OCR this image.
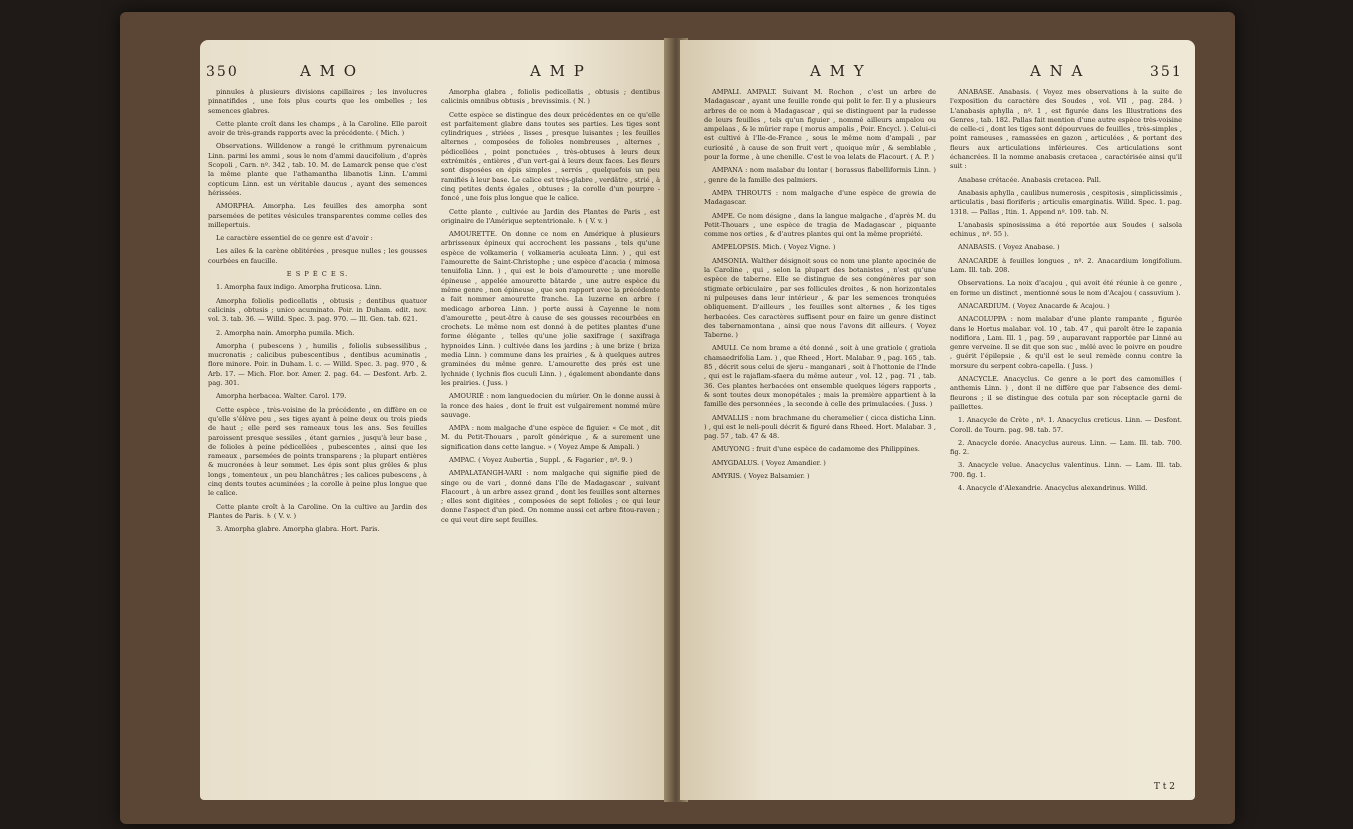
350	A M O	A M P

pinnules à plusieurs divisions capillaires ; les involucres pinnatifides , une fois plus courts que les ombelles ; les semences glabres.

Cette plante croît dans les champs , à la Caroline. Elle paroit avoir de très-grands rapports avec la précédente. ( Mich. )

Observations. Willdenow a rangé le crithmum pyrenaicum Linn. parmi les ammi , sous le nom d'ammi daucifolium , d'après Scopoli , Carn. nº. 342 , tab. 10. M. de Lamarck pense que c'est la même plante que l'athamantha libanotis Linn. L'ammi copticum Linn. est un véritable daucus , ayant des semences hérissées.

AMORPHA. Amorpha. Les feuilles des amorpha sont parsemées de petites vésicules transparentes comme celles des millepertuis.

Le caractère essentiel de ce genre est d'avoir :

Les ailes & la carène oblitérées , presque nulles ; les gousses courbées en faucille.

E S P È C E S.

1. Amorpha faux indigo. Amorpha fruticosa. Linn.

Amorpha foliolis pedicellatis , obtusis ; dentibus quatuor calicinis , obtusis ; unico acuminato. Poir. in Duham. edit. nov. vol. 3. tab. 36. — Willd. Spec. 3. pag. 970. — Ill. Gen. tab. 621.

2. Amorpha nain. Amorpha pumila. Mich.

Amorpha ( pubescens ) , humilis , foliolis subsessilibus , mucronatis ; calicibus pubescentibus , dentibus acuminatis , flore minore. Poir. in Duham. l. c. — Willd. Spec. 3. pag. 970 , & Arb. 17. — Mich. Flor. bor. Amer. 2. pag. 64. — Desfont. Arb. 2. pag. 301.

Amorpha herbacea. Walter. Carol. 179.

Cette espèce , très-voisine de la précédente , en diffère en ce qu'elle s'élève peu , ses tiges ayant à peine deux ou trois pieds de haut ; elle perd ses rameaux tous les ans. Ses feuilles paroissent presque sessiles , étant garnies , jusqu'à leur base , de folioles à peine pédicellées , pubescentes , ainsi que les rameaux , parsemées de points transparens ; la plupart entières & mucronées à leur sommet. Les épis sont plus grêles & plus longs , tomenteux , un peu blanchâtres ; les calices pubescens , à cinq dents toutes acuminées ; la corolle à peine plus longue que le calice.

Cette plante croît à la Caroline. On la cultive au Jardin des Plantes de Paris. ♄ ( V. v. )

3. Amorpha glabre. Amorpha glabra. Hort. Paris.

Amorpha glabra , foliolis pedicellatis , obtusis ; dentibus calicinis omnibus obtusis , brevissimis. ( N. )

Cette espèce se distingue des deux précédentes en ce qu'elle est parfaitement glabre dans toutes ses parties. Les tiges sont cylindriques , striées , lisses , presque luisantes ; les feuilles alternes , composées de folioles nombreuses , alternes , pédicellées , point ponctuées , très-obtuses à leurs deux extrémités , entières , d'un vert-gai à leurs deux faces. Les fleurs sont disposées en épis simples , serrés , quelquefois un peu ramifiés à leur base. Le calice est très-glabre , verdâtre , strié , à cinq petites dents égales , obtuses ; la corolle d'un pourpre - foncé , une fois plus longue que le calice.

Cette plante , cultivée au Jardin des Plantes de Paris , est originaire de l'Amérique septentrionale. ♄ ( V. v. )

AMOURETTE. On donne ce nom en Amérique à plusieurs arbrisseaux épineux qui accrochent les passans , tels qu'une espèce de volkameria ( volkameria aculeata Linn. ) , qui est l'amourette de Saint-Christophe ; une espèce d'acacia ( mimosa tenuifolia Linn. ) , qui est le bois d'amourette ; une morelle épineuse , appelée amourette bâtarde , une autre espèce du même genre , non épineuse , que son rapport avec la précédente a fait nommer amourette franche. La luzerne en arbre ( medicago arborea Linn. ) porte aussi à Cayenne le nom d'amourette , peut-être à cause de ses gousses recourbées en crochets. Le même nom est donné à de petites plantes d'une forme élégante , telles qu'une jolie saxifrage ( saxifraga hypnoides Linn. ) cultivée dans les jardins ; à une brize ( briza media Linn. ) commune dans les prairies , & à quelques autres graminées du même genre. L'amourette des prés est une lychnide ( lychnis flos cuculi Linn. ) , également abondante dans les prairies. ( Juss. )

AMOURIÉ : nom languedocien du mûrier. On le donne aussi à la ronce des haies , dont le fruit est vulgairement nommé mûre sauvage.

AMPA : nom malgache d'une espèce de figuier. « Ce mot , dit M. du Petit-Thouars , paroît générique , & a surement une signification dans cette langue. » ( Voyez Ampe & Ampali. )

AMPAC. ( Voyez Aubertia , Suppl. , & Fagarier , nº. 9. )

AMPALATANGH-VARI : nom malgache qui signifie pied de singe ou de vari , donné dans l'île de Madagascar , suivant Flacourt , à un arbre assez grand , dont les feuilles sont alternes ; elles sont digitées , composées de sept folioles ; ce qui leur donne l'aspect d'un pied. On nomme aussi cet arbre fitou-raven ; ce qui veut dire sept feuilles.

A M Y	A N A	351

AMPALI. AMPALT. Suivant M. Rochon , c'est un arbre de Madagascar , ayant une feuille ronde qui polit le fer. Il y a plusieurs arbres de ce nom à Madagascar , qui se distinguent par la rudesse de leurs feuilles , tels qu'un figuier , nommé ailleurs ampalou ou ampelaas , & le mûrier rape ( morus ampalis , Poir. Encycl. ). Celui-ci est cultivé à l'Ile-de-France , sous le même nom d'ampali , par curiosité , à cause de son fruit vert , quoique mûr , & semblable , pour la forme , à une chenille. C'est le voa lelats de Flacourt. ( A. P. )

AMPANA : nom malabar du lontar ( borassus flabelliformis Linn. ) , genre de la famille des palmiers.

AMPA THROUTS : nom malgache d'une espèce de grewia de Madagascar.

AMPE. Ce nom désigne , dans la langue malgache , d'après M. du Petit-Thouars , une espèce de tragia de Madagascar , piquante comme nos orties , & d'autres plantes qui ont la même propriété.

AMPELOPSIS. Mich. ( Voyez Vigne. )

AMSONIA. Walther désignoit sous ce nom une plante apocinée de la Caroline , qui , selon la plupart des botanistes , n'est qu'une espèce de taberne. Elle se distingue de ses congénères par son stigmate orbiculaire , par ses follicules droites , & non horizontales ni pulpeuses dans leur intérieur , & par les semences tronquées obliquement. D'ailleurs , les feuilles sont alternes , & les tiges herbacées. Ces caractères suffisent pour en faire un genre distinct des tabernamontana , ainsi que nous l'avons dit ailleurs. ( Voyez Taberne. )

AMULI. Ce nom brame a été donné , soit à une gratiole ( gratiola chamaedrifolia Lam. ) , que Rheed , Hort. Malabar. 9 , pag. 165 , tab. 85 , décrit sous celui de sjeru - manganari , soit à l'hottonie de l'Inde , qui est le rajaflam-sfaera du même auteur , vol. 12 , pag. 71 , tab. 36. Ces plantes herbacées ont ensemble quelques légers rapports , & sont toutes deux monopétales ; mais la première appartient à la famille des personnées , la seconde à celle des primulacées. ( Juss. )

AMVALLIS : nom brachmane du cheramelier ( cicca disticha Linn. ) , qui est le neli-pouli décrit & figuré dans Rheed. Hort. Malabar. 3 , pag. 57 , tab. 47 & 48.

AMUYONG : fruit d'une espèce de cadamome des Philippines.

AMYGDALUS. ( Voyez Amandier. )

AMYRIS. ( Voyez Balsamier. )

ANABASE. Anabasis. ( Voyez mes observations à la suite de l'exposition du caractère des Soudes , vol. VII , pag. 284. ) L'anabasis aphylla , nº. 1 , est figurée dans les Illustrations des Genres , tab. 182. Pallas fait mention d'une autre espèce très-voisine de celle-ci , dont les tiges sont dépourvues de feuilles , très-simples , point rameuses , ramassées en gazon , articulées , & portant des fleurs aux articulations inférieures. Ces articulations sont échancrées. Il la nomme anabasis cretacea , caractérisée ainsi qu'il suit :

Anabase crétacée. Anabasis cretacea. Pall.

Anabasis aphylla , caulibus numerosis , cespitosis , simplicissimis , articulatis , basi floriferis ; articulis emarginatis. Willd. Spec. 1. pag. 1318. — Pallas , Itin. 1. Append nº. 109. tab. N.

L'anabasis spinosissima a été reportée aux Soudes ( salsola echinus , nº. 55 ).

ANABASIS. ( Voyez Anabase. )

ANACARDE à feuilles longues , nº. 2. Anacardium longifolium. Lam. Ill. tab. 208.

Observations. La noix d'acajou , qui avoit été réunie à ce genre , en forme un distinct , mentionné sous le nom d'Acajou ( cassuvium ).

ANACARDIUM. ( Voyez Anacarde & Acajou. )

ANACOLUPPA : nom malabar d'une plante rampante , figurée dans le Hortus malabar. vol. 10 , tab. 47 , qui paroît être le zapania nodiflora , Lam. Ill. 1 , pag. 59 , auparavant rapportée par Linné au genre verveine. Il se dit que son suc , mêlé avec le poivre en poudre , guérit l'épilepsie , & qu'il est le seul remède connu contre la morsure du serpent cobra-capella. ( Juss. )

ANACYCLE. Anacyclus. Ce genre a le port des camomilles ( anthemis Linn. ) , dont il ne diffère que par l'absence des demi-fleurons ; il se distingue des cotula par son réceptacle garni de paillettes.

1. Anacycle de Crète , nº. 1. Anacyclus creticus. Linn. — Desfont. Coroll. de Tourn. pag. 98. tab. 57.

2. Anacycle dorée. Anacyclus aureus. Linn. — Lam. Ill. tab. 700. fig. 2.

3. Anacycle velue. Anacyclus valentinus. Linn. — Lam. Ill. tab. 700. fig. 1.

4. Anacycle d'Alexandrie. Anacyclus alexandrinus. Willd.

T t 2
